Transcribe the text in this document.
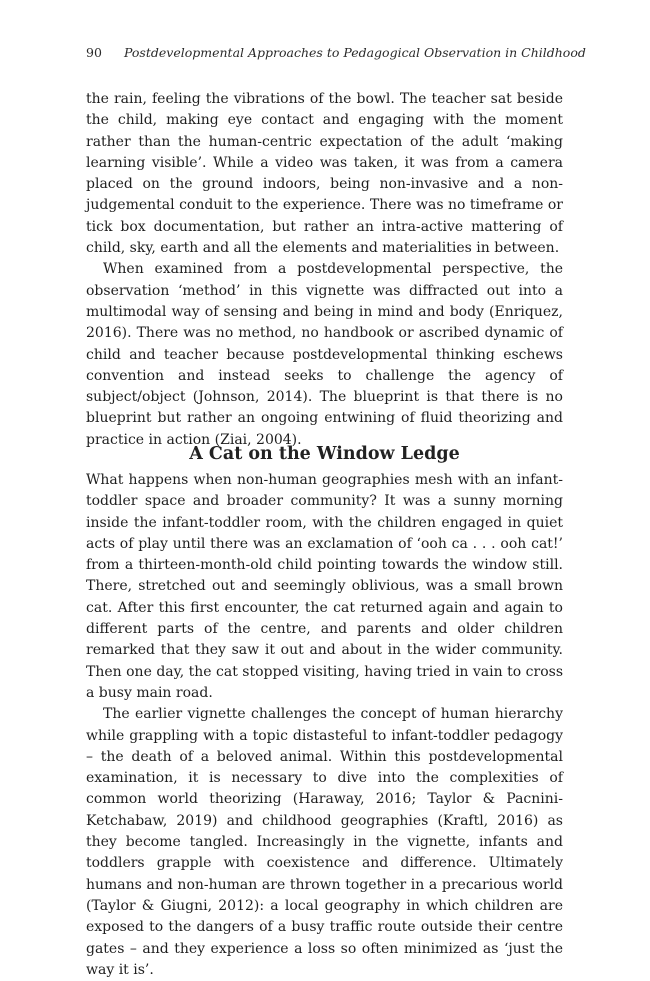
90 Postdevelopmental Approaches to Pedagogical Observation in Childhood

the rain, feeling the vibrations of the bowl. The teacher sat beside the child, making eye contact and engaging with the moment rather than the human-centric expectation of the adult ‘making learning visible’. While a video was taken, it was from a camera placed on the ground indoors, being non-invasive and a non-judgemental conduit to the experience. There was no timeframe or tick box documentation, but rather an intra-active mattering of child, sky, earth and all the elements and materialities in between.

When examined from a postdevelopmental perspective, the observation ‘method’ in this vignette was diffracted out into a multimodal way of sensing and being in mind and body (Enriquez, 2016). There was no method, no handbook or ascribed dynamic of child and teacher because postdevelopmental thinking eschews convention and instead seeks to challenge the agency of subject/object (Johnson, 2014). The blueprint is that there is no blueprint but rather an ongoing entwining of fluid theorizing and practice in action (Ziai, 2004).

A Cat on the Window Ledge

What happens when non-human geographies mesh with an infant-toddler space and broader community? It was a sunny morning inside the infant-toddler room, with the children engaged in quiet acts of play until there was an exclamation of ‘ooh ca . . . ooh cat!’ from a thirteen-month-old child pointing towards the window still. There, stretched out and seemingly oblivious, was a small brown cat. After this first encounter, the cat returned again and again to different parts of the centre, and parents and older children remarked that they saw it out and about in the wider community. Then one day, the cat stopped visiting, having tried in vain to cross a busy main road.

The earlier vignette challenges the concept of human hierarchy while grappling with a topic distasteful to infant-toddler pedagogy – the death of a beloved animal. Within this postdevelopmental examination, it is necessary to dive into the complexities of common world theorizing (Haraway, 2016; Taylor & Pacnini-Ketchabaw, 2019) and childhood geographies (Kraftl, 2016) as they become tangled. Increasingly in the vignette, infants and toddlers grapple with coexistence and difference. Ultimately humans and non-human are thrown together in a precarious world (Taylor & Giugni, 2012): a local geography in which children are exposed to the dangers of a busy traffic route outside their centre gates – and they experience a loss so often minimized as ‘just the way it is’.
